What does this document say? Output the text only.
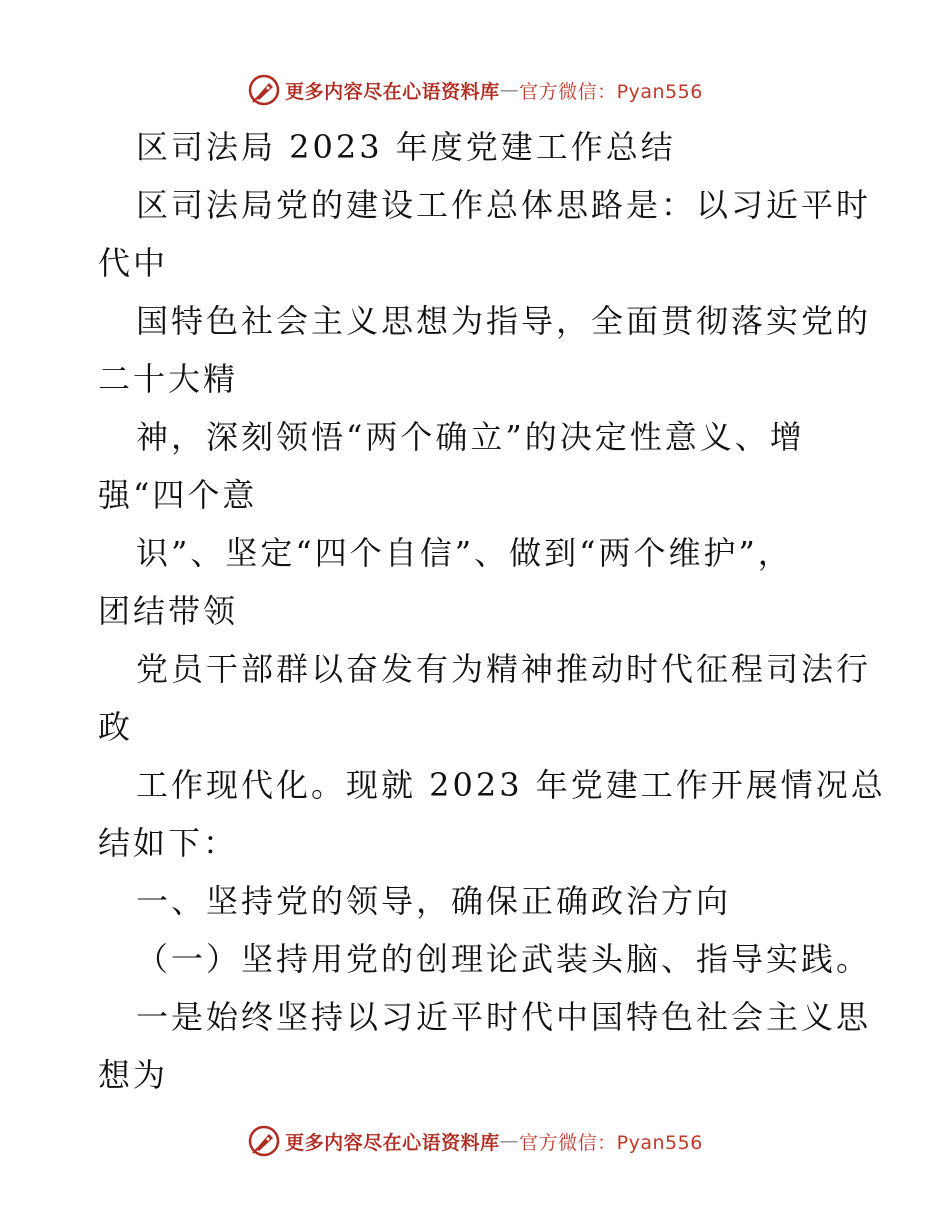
更多内容尽在心语资料库 — 官方微信：Pyan556
区司法局 2023 年度党建工作总结
区司法局党的建设工作总体思路是：以习近平时
代中
国特色社会主义思想为指导，全面贯彻落实党的
二十大精
神，深刻领悟“两个确立”的决定性意义、增
强“四个意
识”、坚定“四个自信”、做到“两个维护”，
团结带领
党员干部群以奋发有为精神推动时代征程司法行
政
工作现代化。现就 2023 年党建工作开展情况总
结如下：
一、坚持党的领导，确保正确政治方向
（一）坚持用党的创理论武装头脑、指导实践。
一是始终坚持以习近平时代中国特色社会主义思
想为
更多内容尽在心语资料库 — 官方微信：Pyan556
